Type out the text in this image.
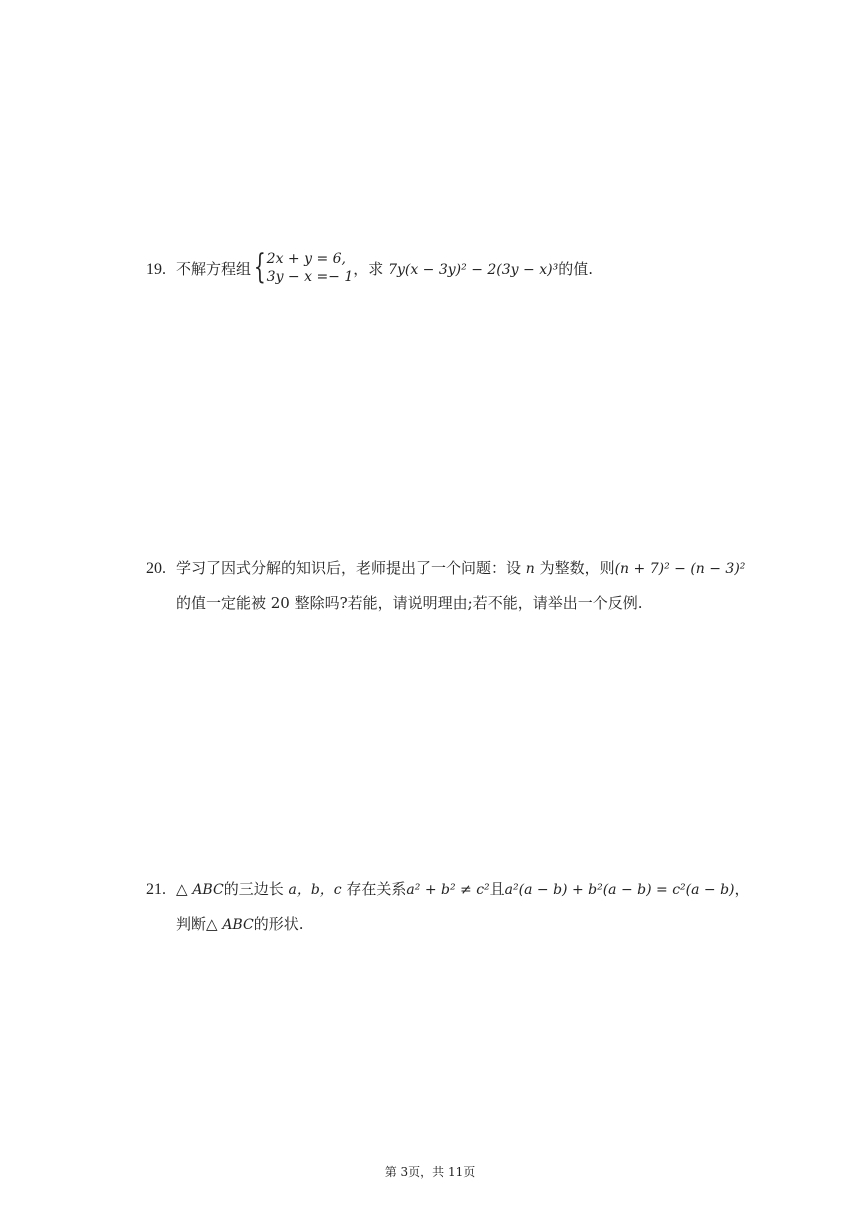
19. 不解方程组{ 2x + y = 6,
3y − x =− 1 ，求 7y(x − 3y)² − 2(3y − x)³的值.
20. 学习了因式分解的知识后，老师提出了一个问题：设 n 为整数，则(n + 7)² − (n − 3)²
的值一定能被 20 整除吗?若能，请说明理由;若不能，请举出一个反例.
21. △ ABC的三边长 a，b，c 存在关系a² + b² ≠ c²且a²(a − b) + b²(a − b) = c²(a − b)，
判断△ ABC的形状.
第 3页，共 11页
